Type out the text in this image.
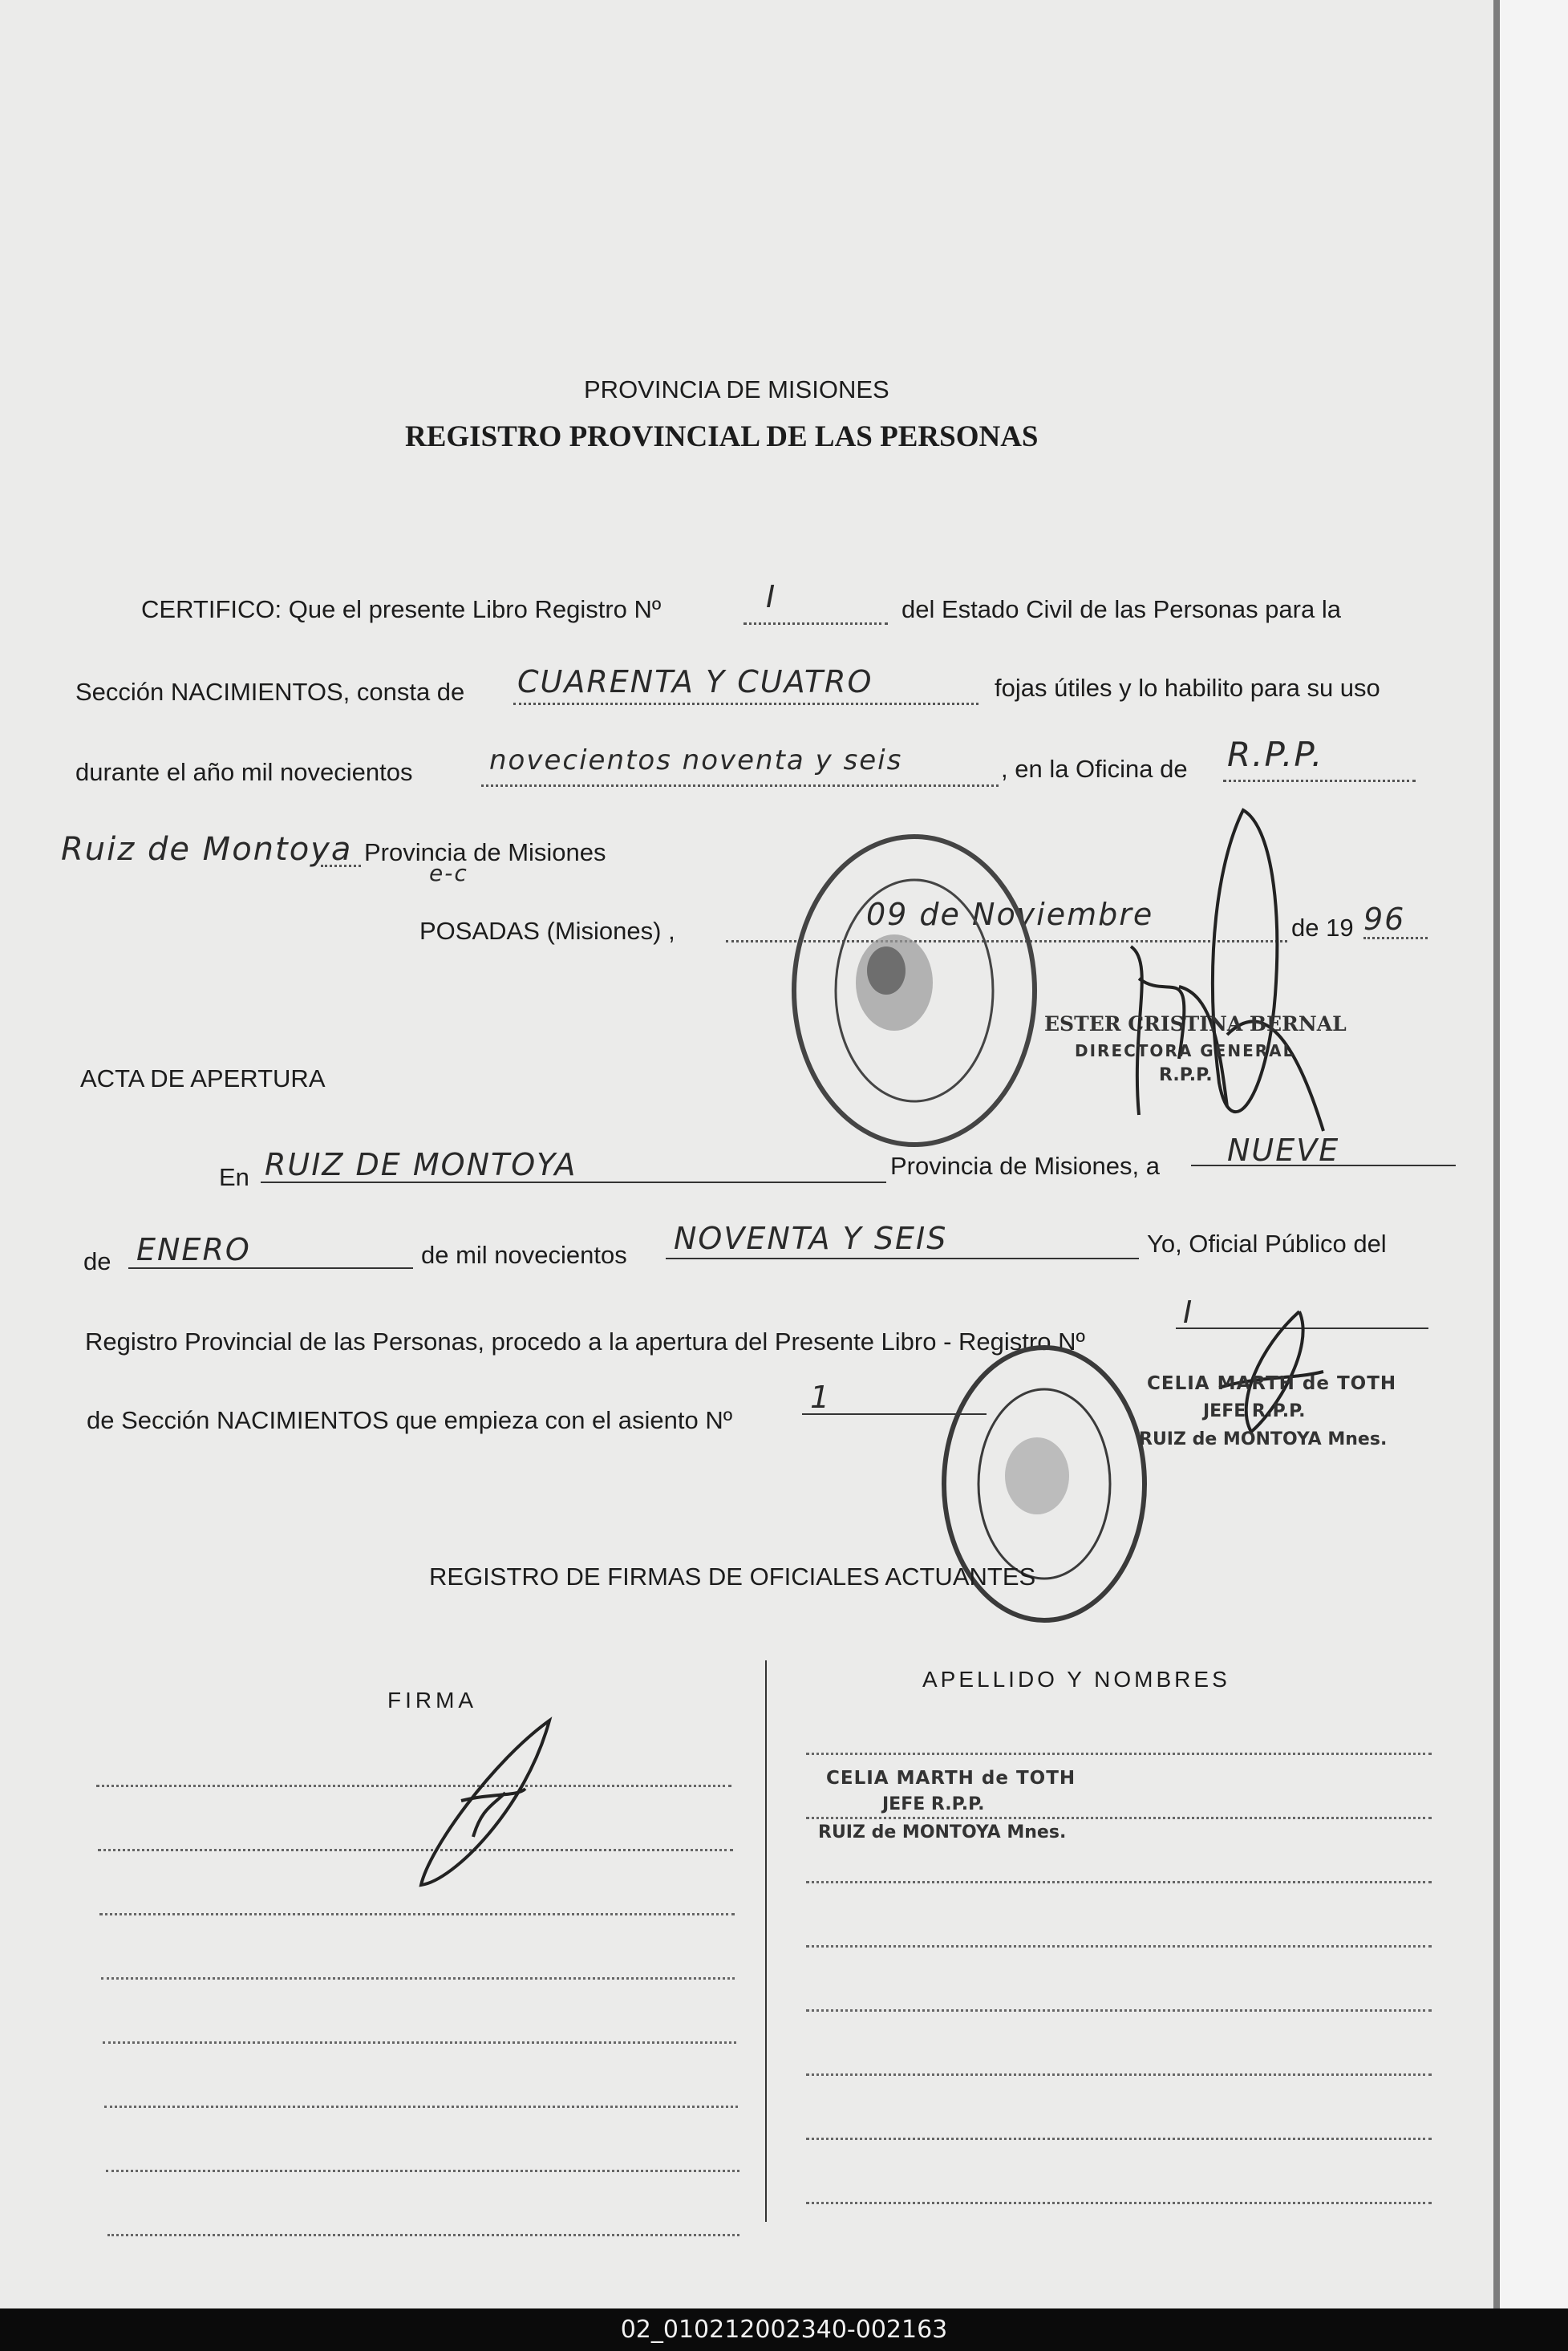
PROVINCIA DE MISIONES
REGISTRO PROVINCIAL DE LAS PERSONAS
CERTIFICO: Que el presente Libro Registro Nº	I	del Estado Civil de las Personas para la
Sección NACIMIENTOS, consta de CUARENTA Y CUATRO	fojas útiles y lo habilito para su uso
durante el año mil novecientos	novecientos noventa y seis	, en la Oficina de R.P.P.
Ruiz de Montoya Provincia de Misiones
e-c
POSADAS (Misiones) ,	09 de Noviembre	de 19 96
ESTER CRISTINA BERNAL
DIRECTORA GENERAL
R.P.P.
ACTA DE APERTURA
En RUIZ DE MONTOYA	Provincia de Misiones, a NUEVE
de ENERO	de mil novecientos NOVENTA Y SEIS	Yo, Oficial Público del
Registro Provincial de las Personas, procedo a la apertura del Presente Libro - Registro Nº
I
de Sección NACIMIENTOS que empieza con el asiento Nº
1	CELIA MARTH de TOTH
JEFE R.P.P.
RUIZ de MONTOYA Mnes.
REGISTRO DE FIRMAS DE OFICIALES ACTUANTES
FIRMA
APELLIDO Y NOMBRES
CELIA MARTH de TOTH
JEFE R.P.P.
RUIZ de MONTOYA Mnes.
02_010212002340-002163
